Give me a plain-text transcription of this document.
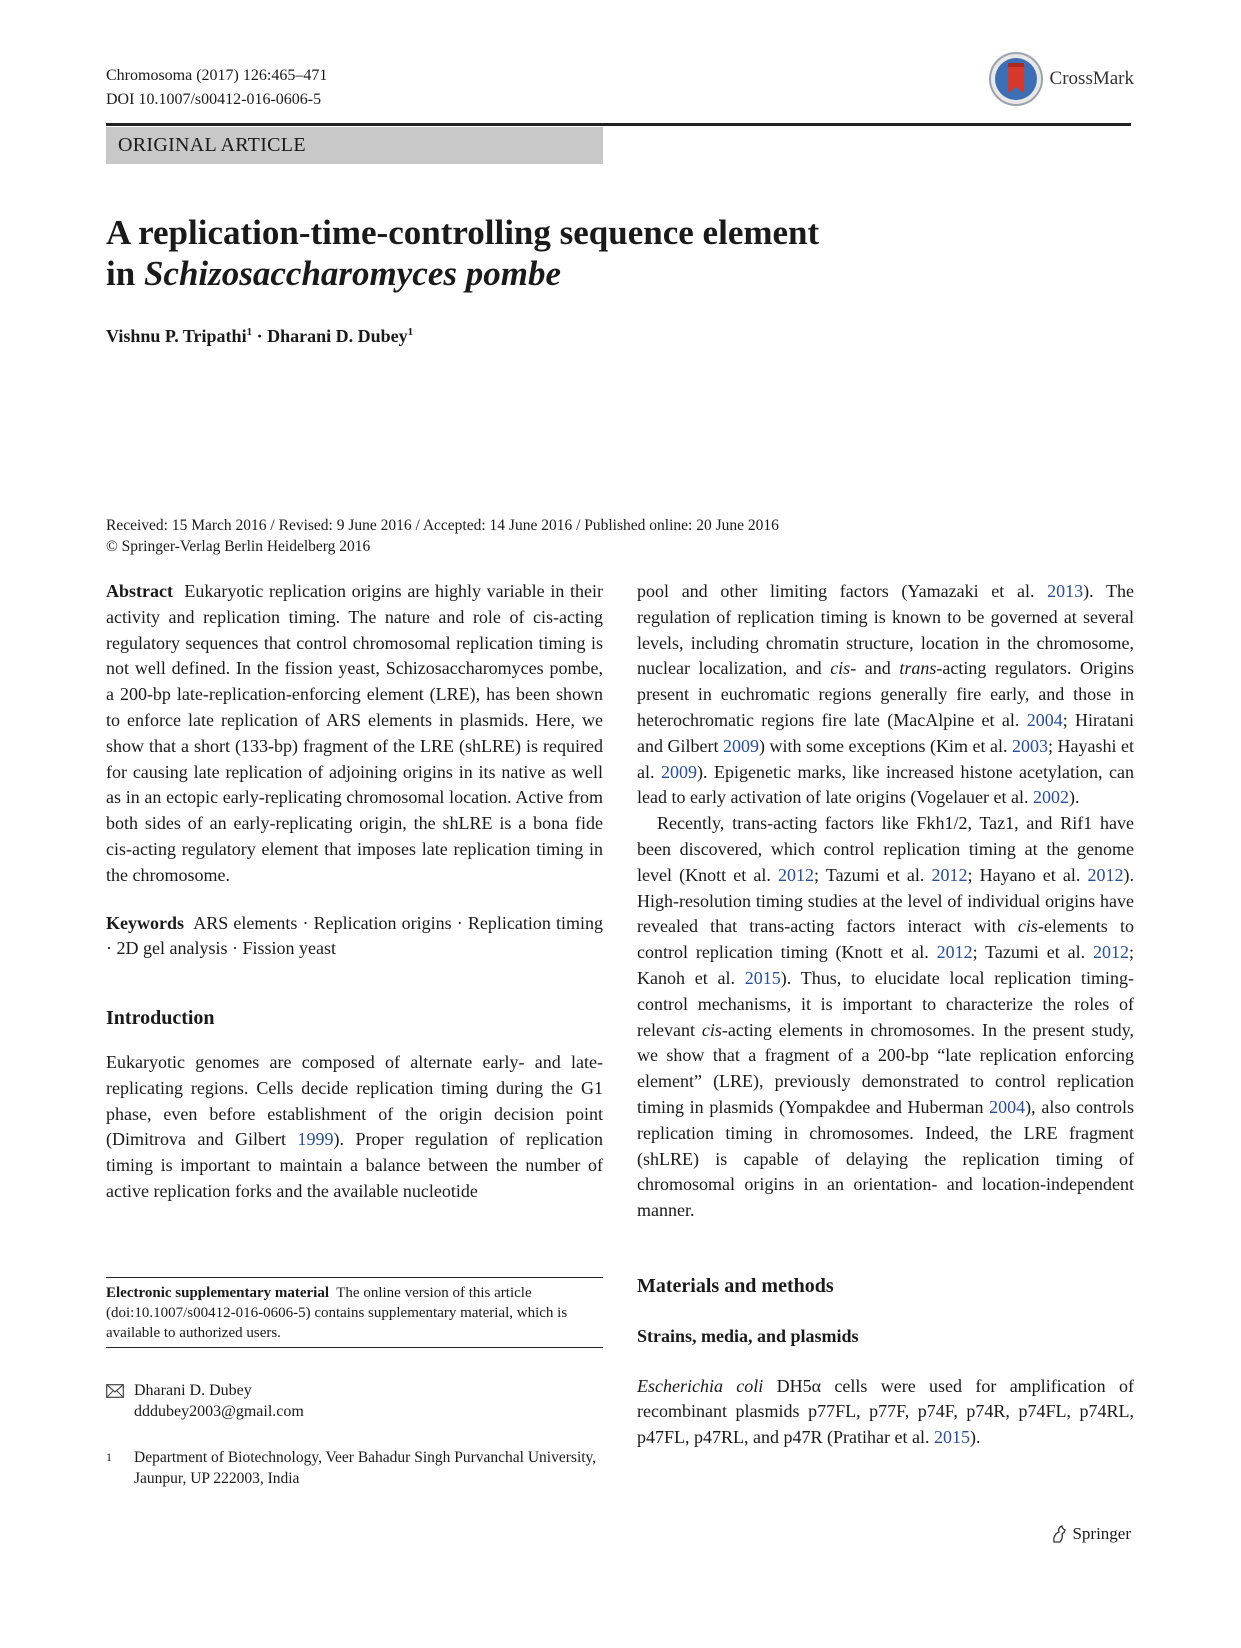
Chromosoma (2017) 126:465–471
DOI 10.1007/s00412-016-0606-5
CrossMark
ORIGINAL ARTICLE
A replication-time-controlling sequence element
in Schizosaccharomyces pombe
Vishnu P. Tripathi$^1$ · Dharani D. Dubey$^1$
Received: 15 March 2016 / Revised: 9 June 2016 / Accepted: 14 June 2016 / Published online: 20 June 2016
© Springer-Verlag Berlin Heidelberg 2016

Abstract Eukaryotic replication origins are highly variable in their activity and replication timing. The nature and role of cis-acting regulatory sequences that control chromosomal replication timing is not well defined. In the fission yeast, Schizosaccharomyces pombe, a 200-bp late-replication-enforcing element (LRE), has been shown to enforce late replication of ARS elements in plasmids. Here, we show that a short (133-bp) fragment of the LRE (shLRE) is required for causing late replication of adjoining origins in its native as well as in an ectopic early-replicating chromosomal location. Active from both sides of an early-replicating origin, the shLRE is a bona fide cis-acting regulatory element that imposes late replication timing in the chromosome.

Keywords ARS elements · Replication origins · Replication timing · 2D gel analysis · Fission yeast

Introduction

Eukaryotic genomes are composed of alternate early- and late-replicating regions. Cells decide replication timing during the G1 phase, even before establishment of the origin decision point (Dimitrova and Gilbert 1999). Proper regulation of replication timing is important to maintain a balance between the number of active replication forks and the available nucleotide

Electronic supplementary material The online version of this article (doi:10.1007/s00412-016-0606-5) contains supplementary material, which is available to authorized users.
Dharani D. Dubey
dddubey2003@gmail.com
1	Department of Biotechnology, Veer Bahadur Singh Purvanchal University, Jaunpur, UP 222003, India

pool and other limiting factors (Yamazaki et al. 2013). The regulation of replication timing is known to be governed at several levels, including chromatin structure, location in the chromosome, nuclear localization, and cis- and trans-acting regulators. Origins present in euchromatic regions generally fire early, and those in heterochromatic regions fire late (MacAlpine et al. 2004; Hiratani and Gilbert 2009) with some exceptions (Kim et al. 2003; Hayashi et al. 2009). Epigenetic marks, like increased histone acetylation, can lead to early activation of late origins (Vogelauer et al. 2002).

Recently, trans-acting factors like Fkh1/2, Taz1, and Rif1 have been discovered, which control replication timing at the genome level (Knott et al. 2012; Tazumi et al. 2012; Hayano et al. 2012). High-resolution timing studies at the level of individual origins have revealed that trans-acting factors interact with cis-elements to control replication timing (Knott et al. 2012; Tazumi et al. 2012; Kanoh et al. 2015). Thus, to elucidate local replication timing-control mechanisms, it is important to characterize the roles of relevant cis-acting elements in chromosomes. In the present study, we show that a fragment of a 200-bp “late replication enforcing element” (LRE), previously demonstrated to control replication timing in plasmids (Yompakdee and Huberman 2004), also controls replication timing in chromosomes. Indeed, the LRE fragment (shLRE) is capable of delaying the replication timing of chromosomal origins in an orientation- and location-independent manner.

Materials and methods

Strains, media, and plasmids

Escherichia coli DH5α cells were used for amplification of recombinant plasmids p77FL, p77F, p74F, p74R, p74FL, p74RL, p47FL, p47RL, and p47R (Pratihar et al. 2015).

Springer
